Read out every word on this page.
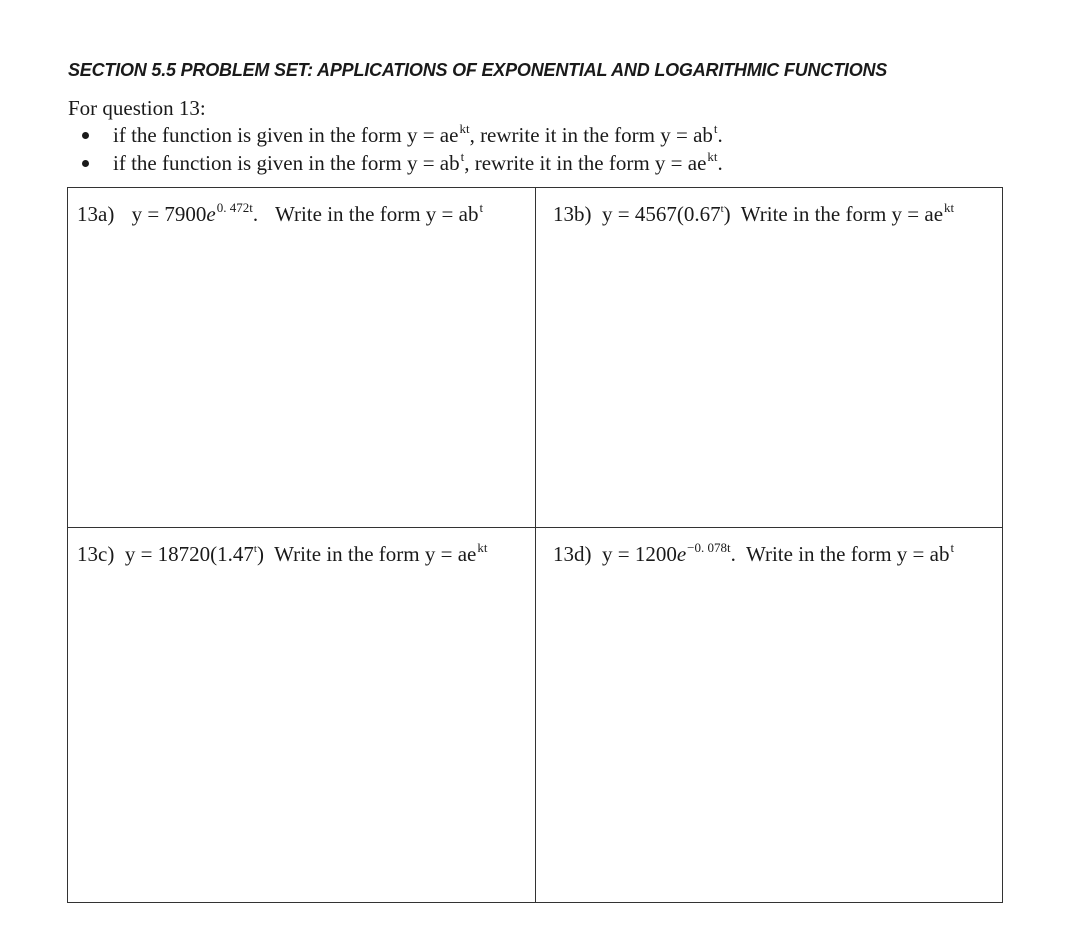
SECTION 5.5 PROBLEM SET: APPLICATIONS OF EXPONENTIAL AND LOGARITHMIC FUNCTIONS
For question 13:
if the function is given in the form $y = ae^{kt}$, rewrite it in the form $y = ab^t$.
if the function is given in the form $y = ab^t$, rewrite it in the form $y = ae^{kt}$.
13a) $y = 7900e^{0. 472t}$. Write in the form $y = ab^t$	13b) $y = 4567(0.67^t)$ Write in the form $y = ae^{kt}$
13c) $y = 18720(1.47^t)$ Write in the form $y = ae^{kt}$	13d) $y = 1200e^{-0. 078t}$. Write in the form $y = ab^t$
